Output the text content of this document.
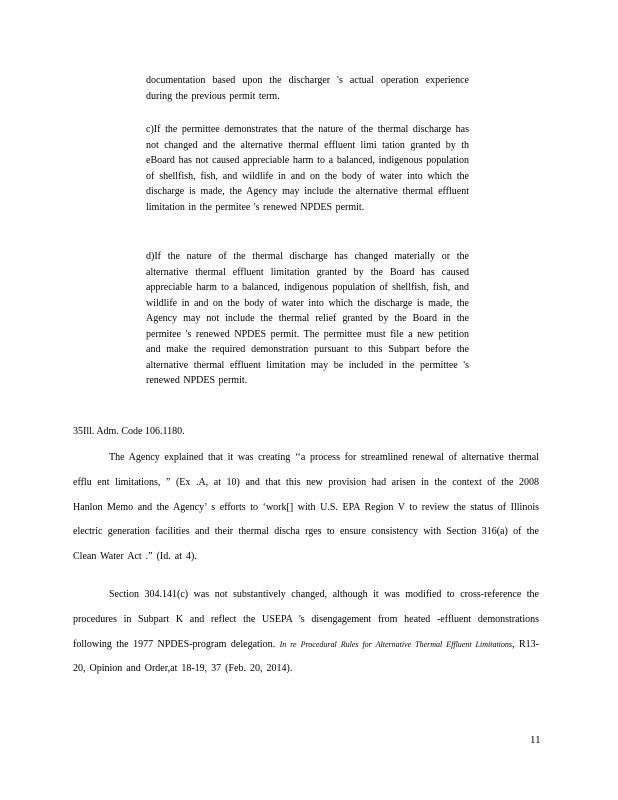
documentation based upon the discharger 's actual operation experience during the previous permit term.
c)If the permittee demonstrates that the nature of the thermal discharge has not changed and the alternative thermal effluent limi tation granted by th eBoard has not caused appreciable harm to a balanced, indigenous population of shellfish, fish, and wildlife in and on the body of water into which the discharge is made, the Agency may include the alternative thermal effluent limitation in the permitee 's renewed NPDES permit.
d)If the nature of the thermal discharge has changed materially or the alternative thermal effluent limitation granted by the Board has caused appreciable harm to a balanced, indigenous population of shellfish, fish, and wildlife in and on the body of water into which the discharge is made, the Agency may not include the thermal relief granted by the Board in the permitee 's renewed NPDES permit. The permittee must file a new petition and make the required demonstration pursuant to this Subpart before the alternative thermal effluent limitation may be included in the permittee 's renewed NPDES permit.
35Ill. Adm. Code 106.1180.
The Agency explained that it was creating ‘‘a process for streamlined renewal of alternative thermal efflu ent limitations, ” (Ex .A, at 10) and that this new provision had arisen in the context of the 2008 Hanlon Memo and the Agency’ s efforts to ‘work[] with U.S. EPA Region V to review the status of Illinois electric generation facilities and their thermal discha rges to ensure consistency with Section 316(a) of the Clean Water Act .” (Id. at 4).
Section 304.141(c) was not substantively changed, although it was modified to cross-reference the procedures in Subpart K and reflect the USEPA 's disengagement from heated -effluent demonstrations following the 1977 NPDES-program delegation. In re Procedural Rules for Alternative Thermal Effluent Limitations, R13-20, Opinion and Order,at 18-19, 37 (Feb. 20, 2014).
11
